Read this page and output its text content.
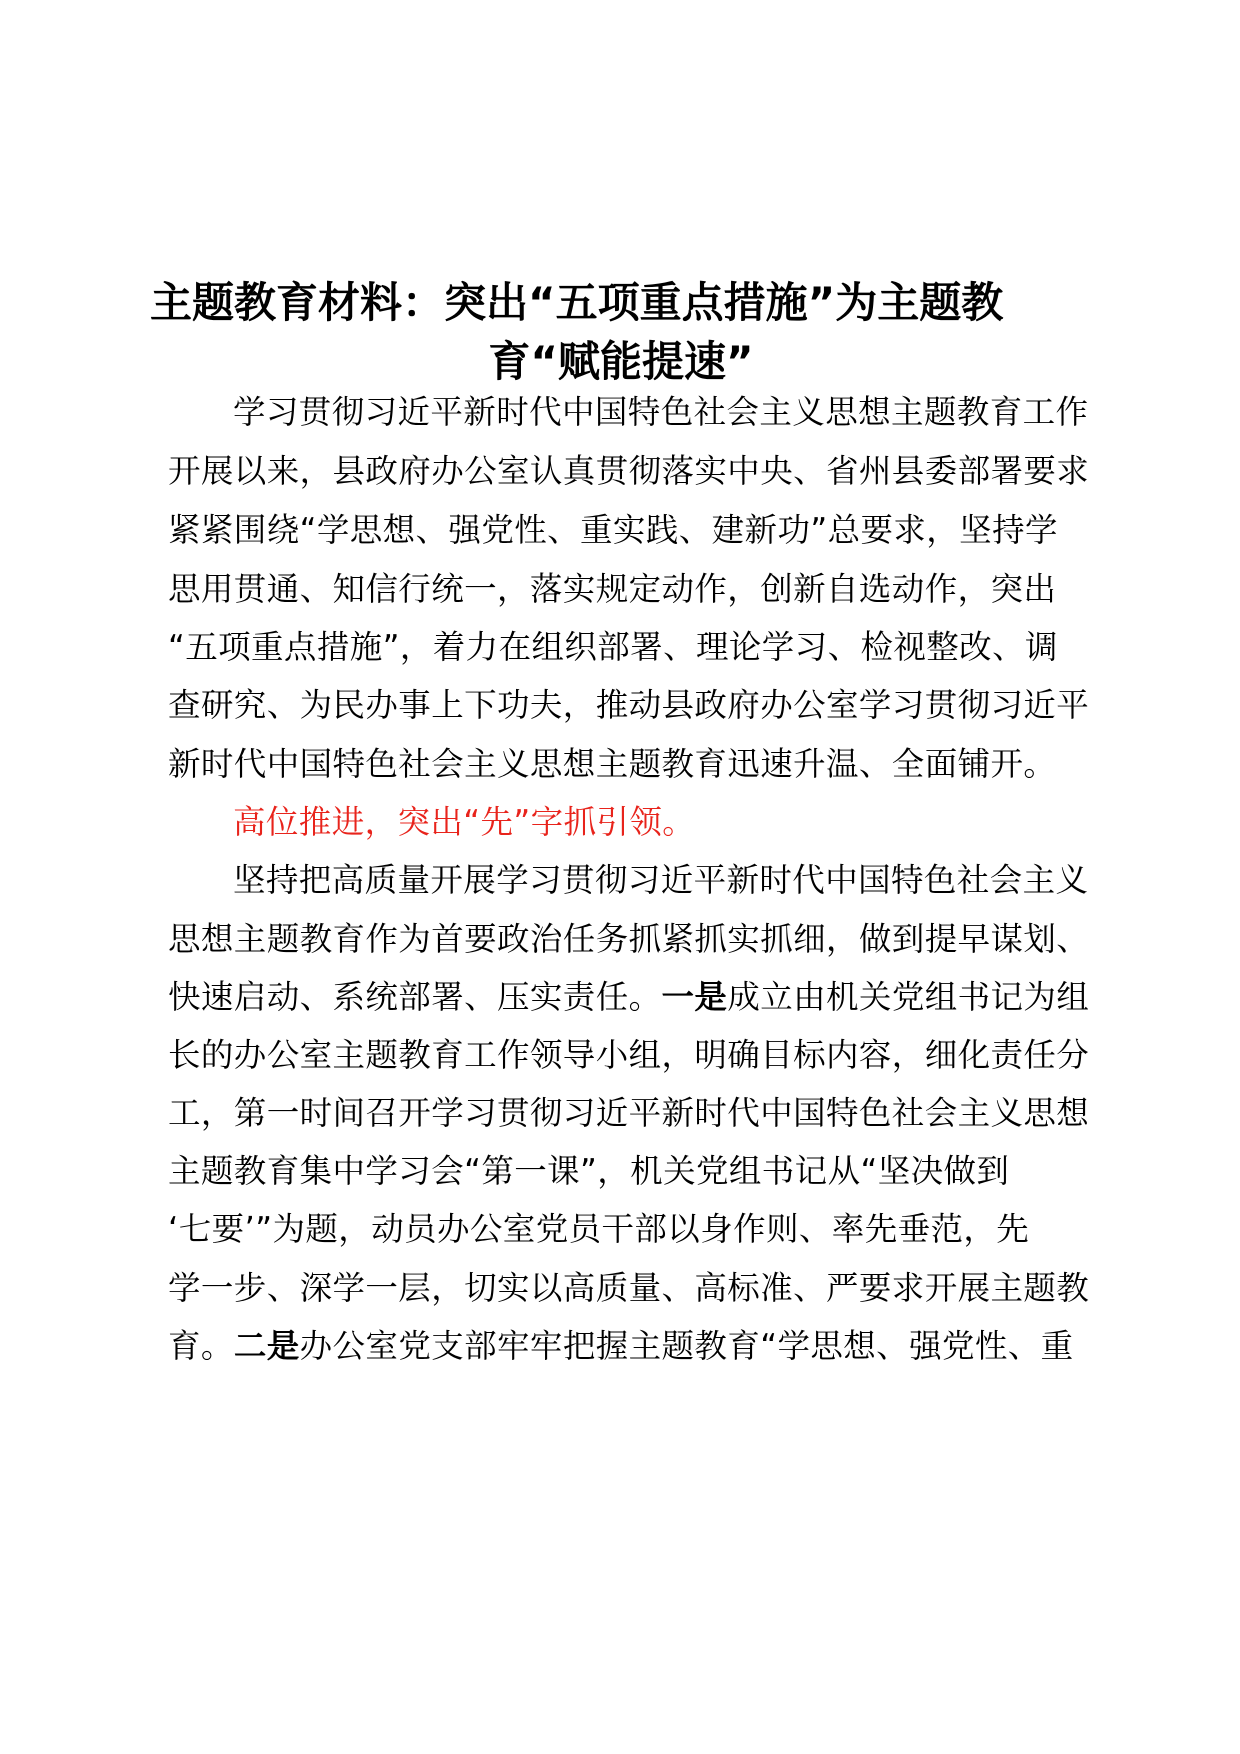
主题教育材料：突出“五项重点措施”为主题教
育“赋能提速”

学习贯彻习近平新时代中国特色社会主义思想主题教育工作

开展以来，县政府办公室认真贯彻落实中央、省州县委部署要求

紧紧围绕“学思想、强党性、重实践、建新功”总要求，坚持学

思用贯通、知信行统一，落实规定动作，创新自选动作，突出

“五项重点措施”，着力在组织部署、理论学习、检视整改、调

查研究、为民办事上下功夫，推动县政府办公室学习贯彻习近平

新时代中国特色社会主义思想主题教育迅速升温、全面铺开。

高位推进，突出“先”字抓引领。

坚持把高质量开展学习贯彻习近平新时代中国特色社会主义

思想主题教育作为首要政治任务抓紧抓实抓细，做到提早谋划、

快速启动、系统部署、压实责任。一是成立由机关党组书记为组

长的办公室主题教育工作领导小组，明确目标内容，细化责任分

工，第一时间召开学习贯彻习近平新时代中国特色社会主义思想

主题教育集中学习会“第一课”，机关党组书记从“坚决做到

‘七要’”为题，动员办公室党员干部以身作则、率先垂范，先

学一步、深学一层，切实以高质量、高标准、严要求开展主题教

育。二是办公室党支部牢牢把握主题教育“学思想、强党性、重
